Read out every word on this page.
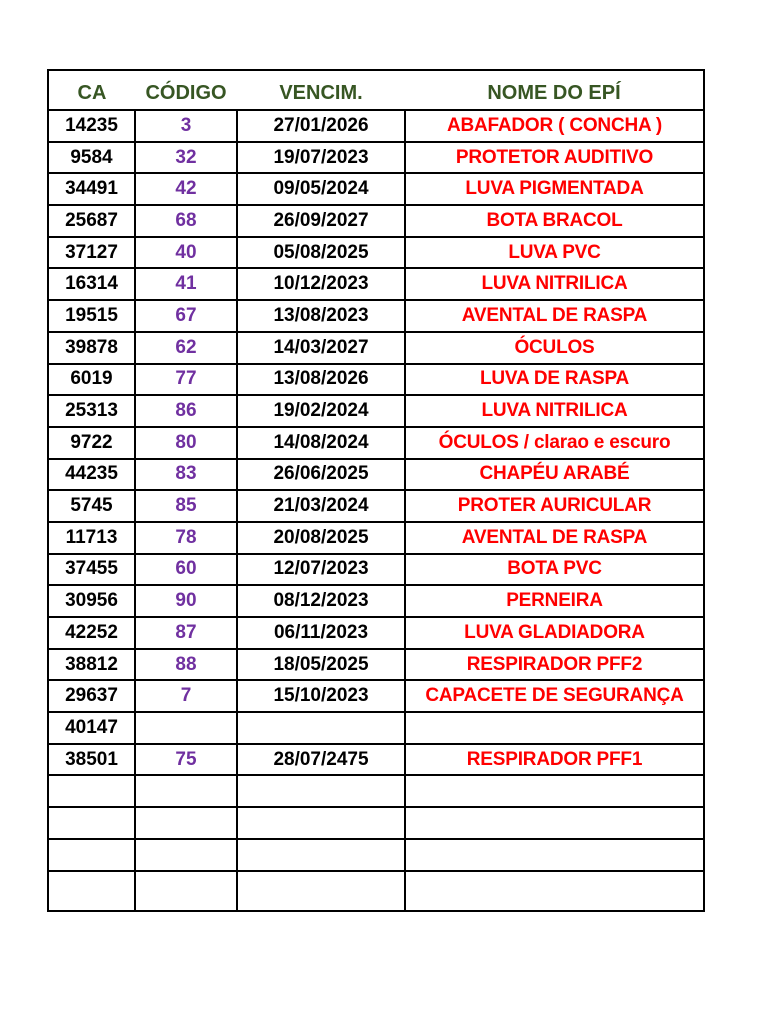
CA	CÓDIGO	VENCIM.	NOME DO EPÍ
14235	3	27/01/2026	ABAFADOR ( CONCHA )
9584	32	19/07/2023	PROTETOR AUDITIVO
34491	42	09/05/2024	LUVA PIGMENTADA
25687	68	26/09/2027	BOTA BRACOL
37127	40	05/08/2025	LUVA PVC
16314	41	10/12/2023	LUVA NITRILICA
19515	67	13/08/2023	AVENTAL DE RASPA
39878	62	14/03/2027	ÓCULOS
6019	77	13/08/2026	LUVA DE RASPA
25313	86	19/02/2024	LUVA NITRILICA
9722	80	14/08/2024	ÓCULOS / clarao e escuro
44235	83	26/06/2025	CHAPÉU ARABÉ
5745	85	21/03/2024	PROTER AURICULAR
11713	78	20/08/2025	AVENTAL DE RASPA
37455	60	12/07/2023	BOTA PVC
30956	90	08/12/2023	PERNEIRA
42252	87	06/11/2023	LUVA GLADIADORA
38812	88	18/05/2025	RESPIRADOR PFF2
29637	7	15/10/2023	CAPACETE DE SEGURANÇA
40147			
38501	75	28/07/2475	RESPIRADOR PFF1
